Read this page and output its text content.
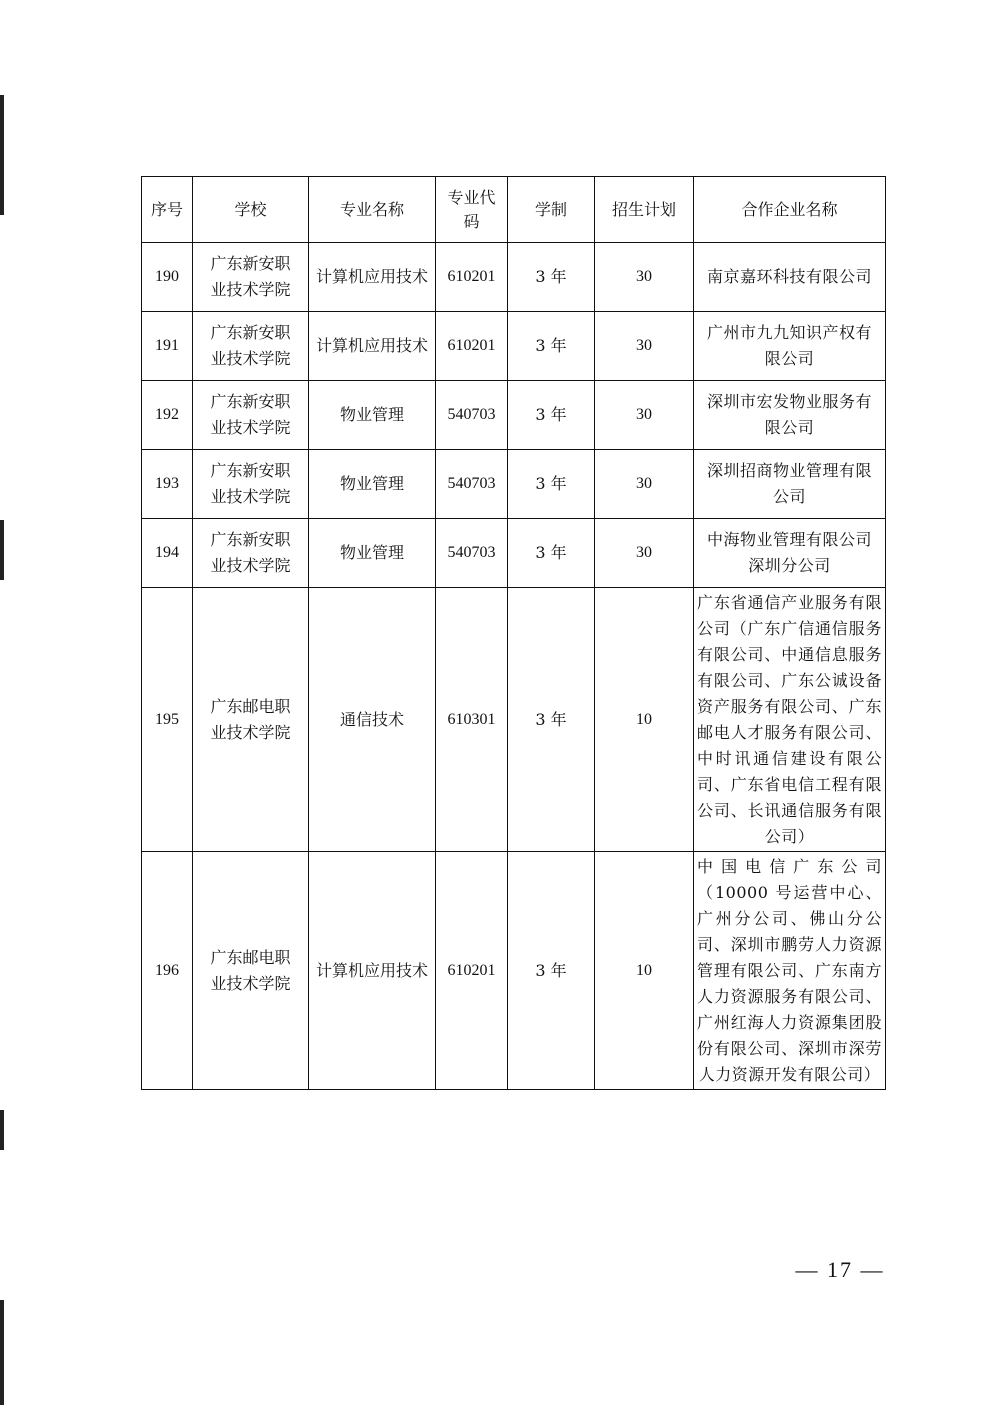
序号	学校	专业名称	专业代码	学制	招生计划	合作企业名称
190	广东新安职业技术学院	计算机应用技术	610201	3 年	30	南京嘉环科技有限公司
191	广东新安职业技术学院	计算机应用技术	610201	3 年	30	广州市九九知识产权有限公司
192	广东新安职业技术学院	物业管理	540703	3 年	30	深圳市宏发物业服务有限公司
193	广东新安职业技术学院	物业管理	540703	3 年	30	深圳招商物业管理有限公司
194	广东新安职业技术学院	物业管理	540703	3 年	30	中海物业管理有限公司深圳分公司
195	广东邮电职业技术学院	通信技术	610301	3 年	10	广东省通信产业服务有限公司（广东广信通信服务有限公司、中通信息服务有限公司、广东公诚设备资产服务有限公司、广东邮电人才服务有限公司、中时讯通信建设有限公司、广东省电信工程有限公司、长讯通信服务有限公司）
196	广东邮电职业技术学院	计算机应用技术	610201	3 年	10	中国电信广东公司（10000 号运营中心、广州分公司、佛山分公司、深圳市鹏劳人力资源管理有限公司、广东南方人力资源服务有限公司、广州红海人力资源集团股份有限公司、深圳市深劳人力资源开发有限公司）
— 17 —
